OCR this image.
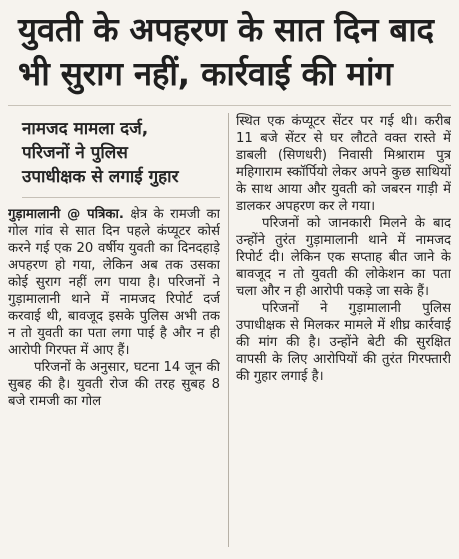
युवती के अपहरण के सात दिन बाद
भी सुराग नहीं, कार्रवाई की मांग
नामजद मामला दर्ज,
परिजनों ने पुलिस
उपाधीक्षक से लगाई गुहार

गुड़ामालानी @ पत्रिका. क्षेत्र के रामजी का गोल गांव से सात दिन पहले कंप्यूटर कोर्स करने गई एक 20 वर्षीय युवती का दिनदहाड़े अपहरण हो गया, लेकिन अब तक उसका कोई सुराग नहीं लग पाया है। परिजनों ने गुड़ामालानी थाने में नामजद रिपोर्ट दर्ज करवाई थी, बावजूद इसके पुलिस अभी तक न तो युवती का पता लगा पाई है और न ही आरोपी गिरफ्त में आए हैं।

परिजनों के अनुसार, घटना 14 जून की सुबह की है। युवती रोज की तरह सुबह 8 बजे रामजी का गोल

स्थित एक कंप्यूटर सेंटर पर गई थी। करीब 11 बजे सेंटर से घर लौटते वक्त रास्ते में डाबली (सिणधरी) निवासी मिश्राराम पुत्र महिगाराम स्कॉर्पियो लेकर अपने कुछ साथियों के साथ आया और युवती को जबरन गाड़ी में डालकर अपहरण कर ले गया।

परिजनों को जानकारी मिलने के बाद उन्होंने तुरंत गुड़ामालानी थाने में नामजद रिपोर्ट दी। लेकिन एक सप्ताह बीत जाने के बावजूद न तो युवती की लोकेशन का पता चला और न ही आरोपी पकड़े जा सके हैं।

परिजनों ने गुड़ामालानी पुलिस उपाधीक्षक से मिलकर मामले में शीघ्र कार्रवाई की मांग की है। उन्होंने बेटी की सुरक्षित वापसी के लिए आरोपियों की तुरंत गिरफ्तारी की गुहार लगाई है।
